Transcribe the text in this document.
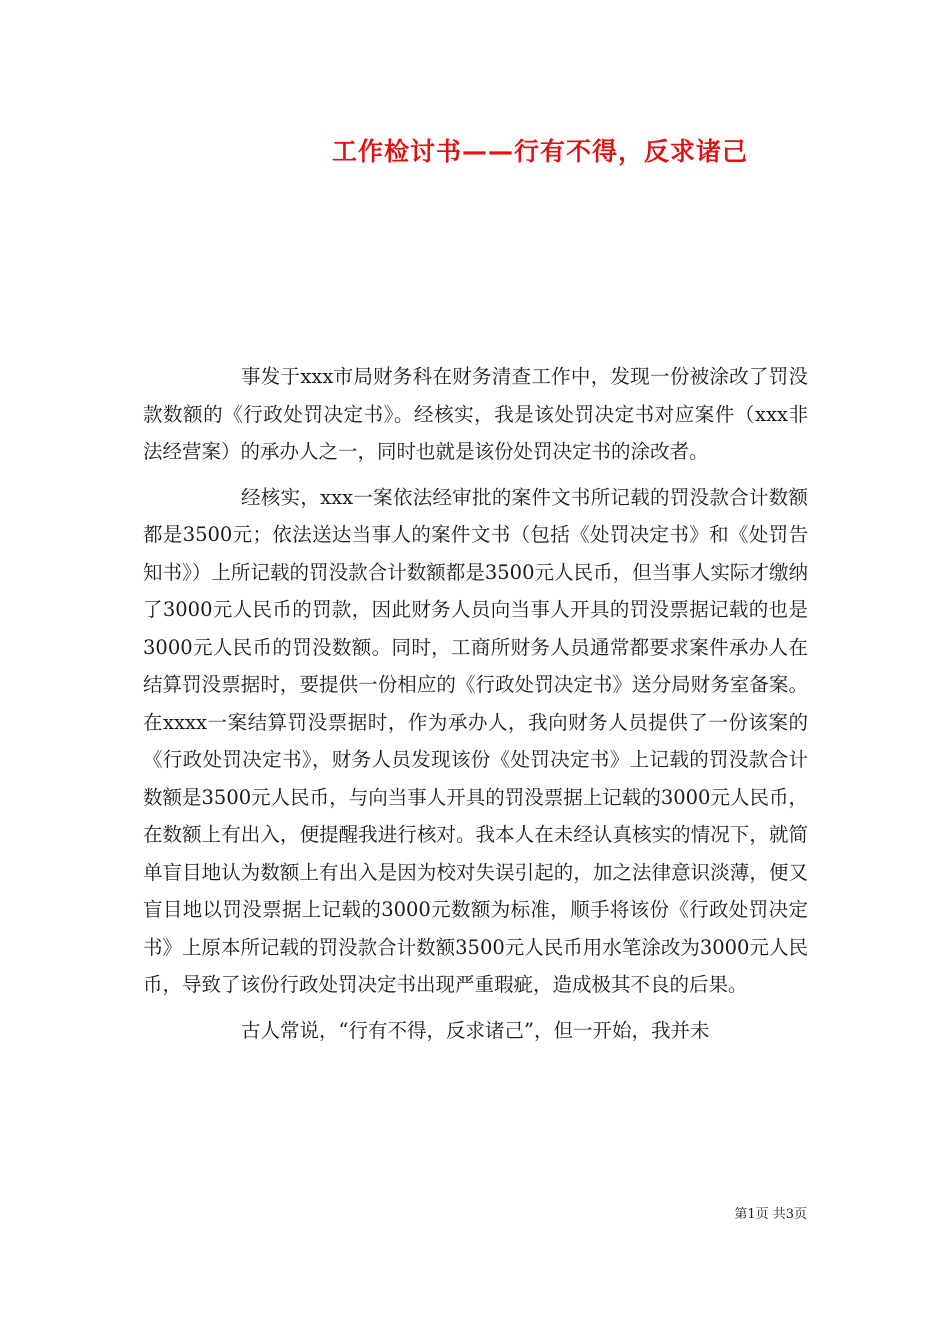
工作检讨书——行有不得，反求诸己

事发于xxx市局财务科在财务清查工作中，发现一份被涂改了罚没款数额的《行政处罚决定书》。经核实，我是该处罚决定书对应案件（xxx非法经营案）的承办人之一，同时也就是该份处罚决定书的涂改者。

经核实，xxx一案依法经审批的案件文书所记载的罚没款合计数额都是3500元；依法送达当事人的案件文书（包括《处罚决定书》和《处罚告知书》）上所记载的罚没款合计数额都是3500元人民币，但当事人实际才缴纳了3000元人民币的罚款，因此财务人员向当事人开具的罚没票据记载的也是3000元人民币的罚没数额。同时，工商所财务人员通常都要求案件承办人在结算罚没票据时，要提供一份相应的《行政处罚决定书》送分局财务室备案。在xxxx一案结算罚没票据时，作为承办人，我向财务人员提供了一份该案的《行政处罚决定书》，财务人员发现该份《处罚决定书》上记载的罚没款合计数额是3500元人民币，与向当事人开具的罚没票据上记载的3000元人民币，在数额上有出入，便提醒我进行核对。我本人在未经认真核实的情况下，就简单盲目地认为数额上有出入是因为校对失误引起的，加之法律意识淡薄，便又盲目地以罚没票据上记载的3000元数额为标准，顺手将该份《行政处罚决定书》上原本所记载的罚没款合计数额3500元人民币用水笔涂改为3000元人民币，导致了该份行政处罚决定书出现严重瑕疵，造成极其不良的后果。

古人常说，“行有不得，反求诸己”，但一开始，我并未

第1页 共3页
